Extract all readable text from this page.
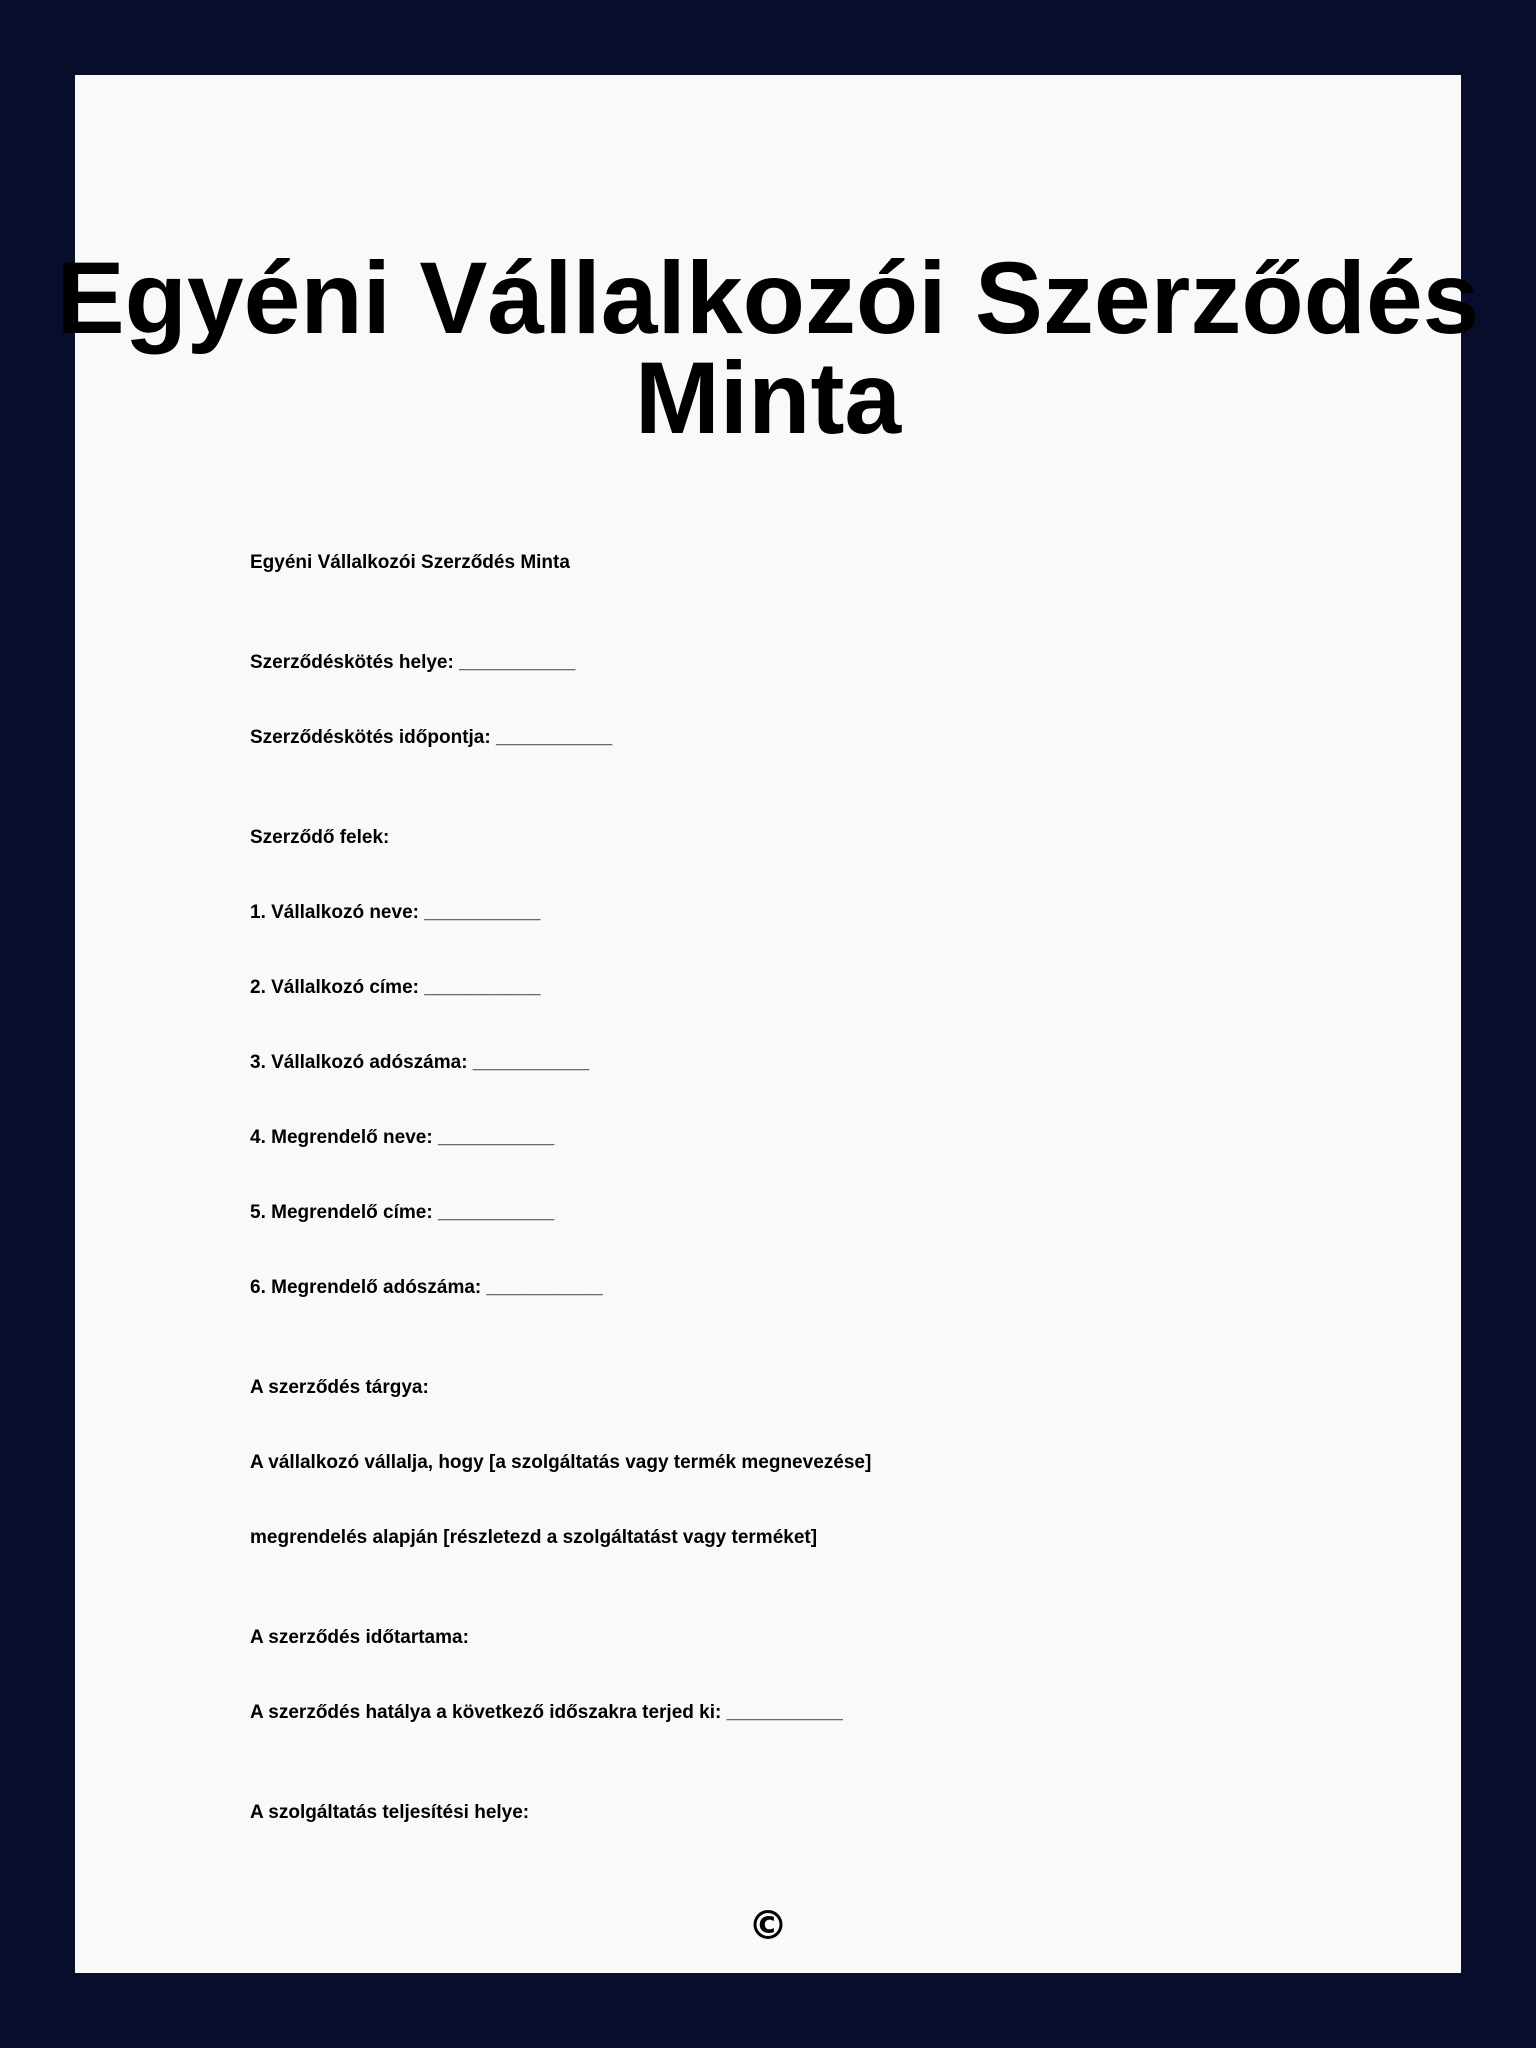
Egyéni Vállalkozói Szerződés
Minta
Egyéni Vállalkozói Szerződés Minta
Szerződéskötés helye: ___________
Szerződéskötés időpontja: ___________
Szerződő felek:
1. Vállalkozó neve: ___________
2. Vállalkozó címe: ___________
3. Vállalkozó adószáma: ___________
4. Megrendelő neve: ___________
5. Megrendelő címe: ___________
6. Megrendelő adószáma: ___________
A szerződés tárgya:
A vállalkozó vállalja, hogy [a szolgáltatás vagy termék megnevezése]
megrendelés alapján [részletezd a szolgáltatást vagy terméket]
A szerződés időtartama:
A szerződés hatálya a következő időszakra terjed ki: ___________
A szolgáltatás teljesítési helye:
©
